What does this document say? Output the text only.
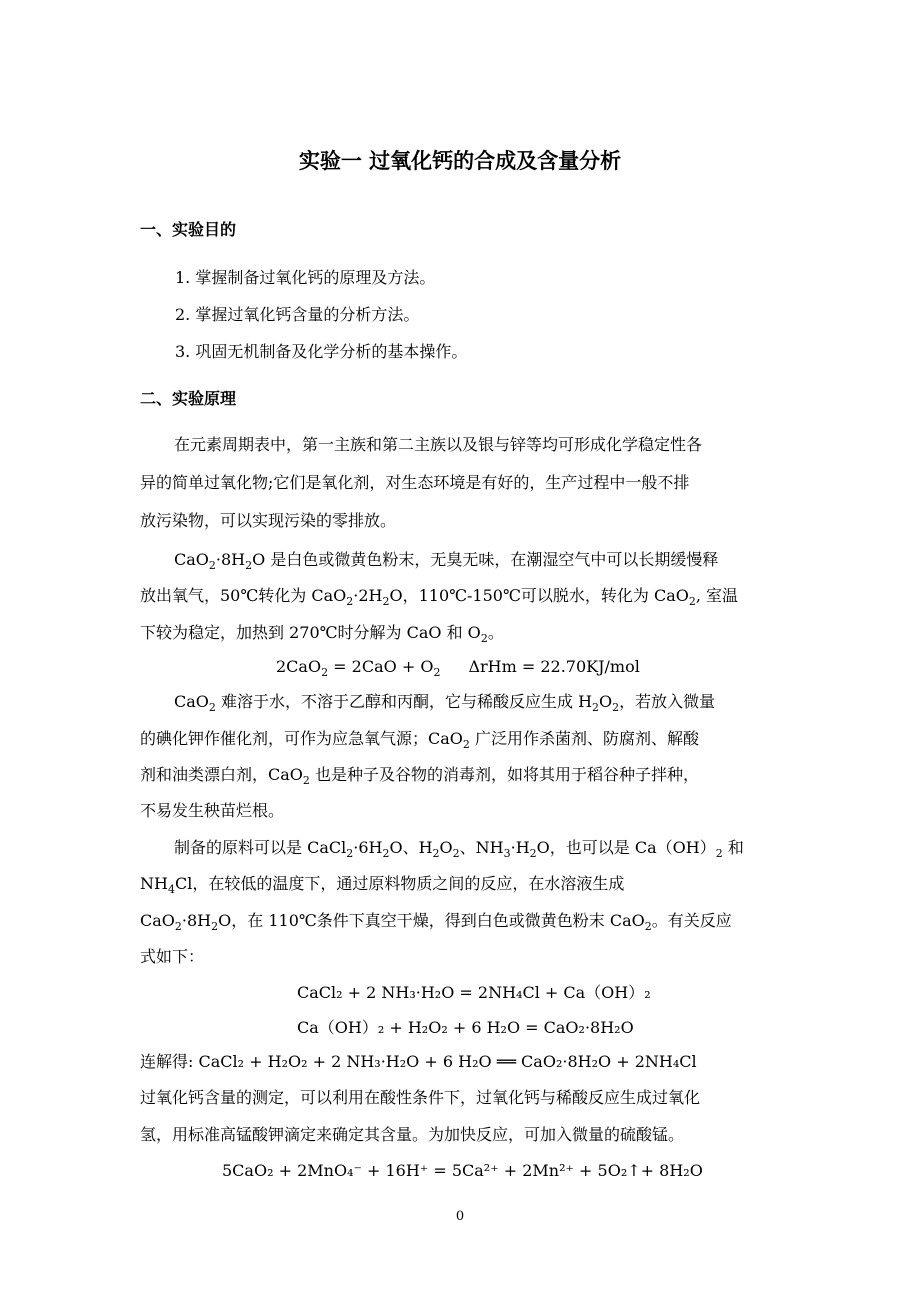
实验一 过氧化钙的合成及含量分析
一、实验目的
1. 掌握制备过氧化钙的原理及方法。
2. 掌握过氧化钙含量的分析方法。
3. 巩固无机制备及化学分析的基本操作。
二、实验原理
在元素周期表中，第一主族和第二主族以及银与锌等均可形成化学稳定性各
异的简单过氧化物;它们是氧化剂，对生态环境是有好的，生产过程中一般不排
放污染物，可以实现污染的零排放。
$CaO_2\cdot 8H_2O$ 是白色或微黄色粉末，无臭无味，在潮湿空气中可以长期缓慢释
放出氧气，50℃转化为 $CaO_2\cdot 2H_2O$，110℃-150℃可以脱水，转化为 CaO$_2$, 室温
下较为稳定，加热到 270℃时分解为 CaO 和 $O_2$。
$2CaO_2 = 2CaO + O_2$ ΔrHm = 22.70KJ/mol
CaO$_2$ 难溶于水，不溶于乙醇和丙酮，它与稀酸反应生成 $H_2O_2$，若放入微量
的碘化钾作催化剂，可作为应急氧气源；CaO$_2$ 广泛用作杀菌剂、防腐剂、解酸
剂和油类漂白剂，CaO$_2$ 也是种子及谷物的消毒剂，如将其用于稻谷种子拌种，
不易发生秧苗烂根。
制备的原料可以是 $CaCl_2\cdot 6H_2O$、$H_2O_2$、$NH_3\cdot H_2O$，也可以是 $Ca(OH)_2$ 和
$NH_4Cl$，在较低的温度下，通过原料物质之间的反应，在水溶液生成
$CaO_2\cdot 8H_2O$，在 110℃条件下真空干燥，得到白色或微黄色粉末 CaO$_2$。有关反应
式如下：
CaCl₂ + 2 NH₃·H₂O = 2NH₄Cl + Ca（OH）₂
Ca（OH）₂ + H₂O₂ + 6 H₂O = CaO₂·8H₂O
连解得: CaCl₂ + H₂O₂ + 2 NH₃·H₂O + 6 H₂O ══ CaO₂·8H₂O + 2NH₄Cl
过氧化钙含量的测定，可以利用在酸性条件下，过氧化钙与稀酸反应生成过氧化
氢，用标准高锰酸钾滴定来确定其含量。为加快反应，可加入微量的硫酸锰。
5CaO₂ + 2MnO₄⁻ + 16H⁺ = 5Ca²⁺ + 2Mn²⁺ + 5O₂↑+ 8H₂O
0
